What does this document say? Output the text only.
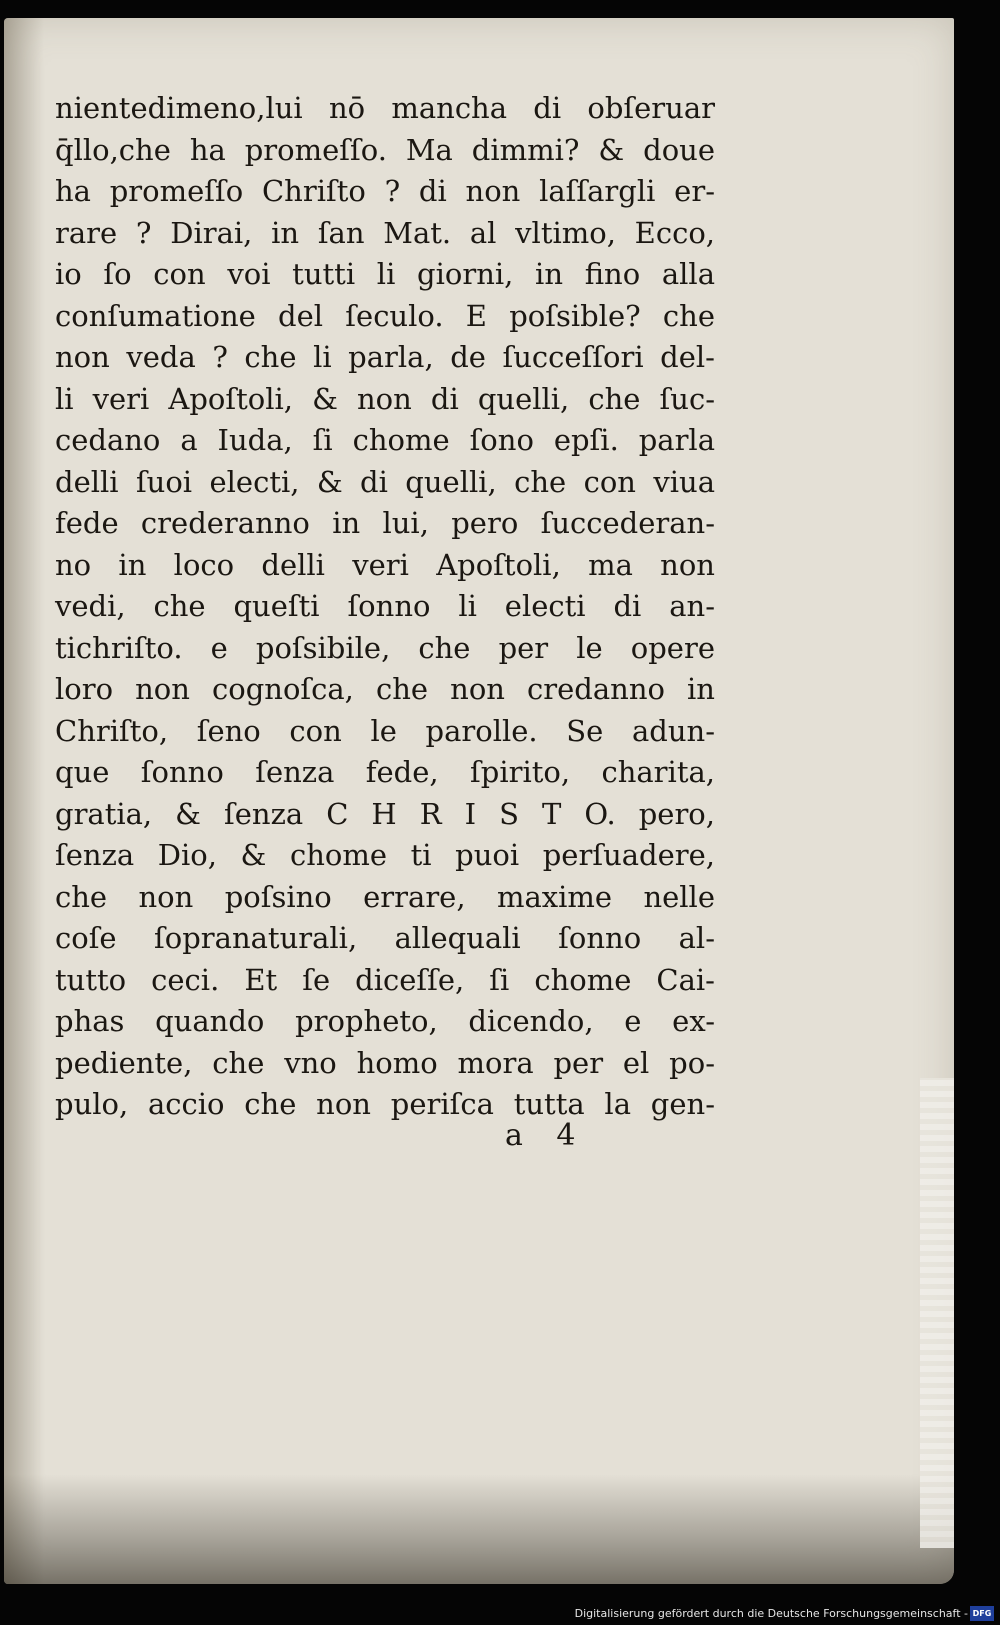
nientedimeno,lui nō mancha di obſeruar
q̄llo,che ha promeſſo. Ma dimmi? & doue
ha promeſſo Chriſto ? di non laſſargli er-
rare ? Dirai, in ſan Mat. al vltimo, Ecco,
io ſo con voi tutti li giorni, in fino alla
conſumatione del ſeculo. E poſsible? che
non veda ? che li parla, de ſucceſſori del-
li veri Apoſtoli, & non di quelli, che ſuc-
cedano a Iuda, ſi chome ſono epſi. parla
delli ſuoi electi, & di quelli, che con viua
fede crederanno in lui, pero ſuccederan-
no in loco delli veri Apoſtoli, ma non
vedi, che queſti ſonno li electi di an-
tichriſto. e poſsibile, che per le opere
loro non cognoſca, che non credanno in
Chriſto, ſeno con le parolle. Se adun-
que ſonno ſenza fede, ſpirito, charita,
gratia, & ſenza C H R I S T O. pero,
ſenza Dio, & chome ti puoi perſuadere,
che non poſsino errare, maxime nelle
coſe ſopranaturali, allequali ſonno al-
tutto ceci. Et ſe diceſſe, ſi chome Cai-
phas quando propheto, dicendo, e ex-
pediente, che vno homo mora per el po-
pulo, accio che non periſca tutta la gen-
a 4
Digitalisierung gefördert durch die Deutsche Forschungsgemeinschaft - DFG
